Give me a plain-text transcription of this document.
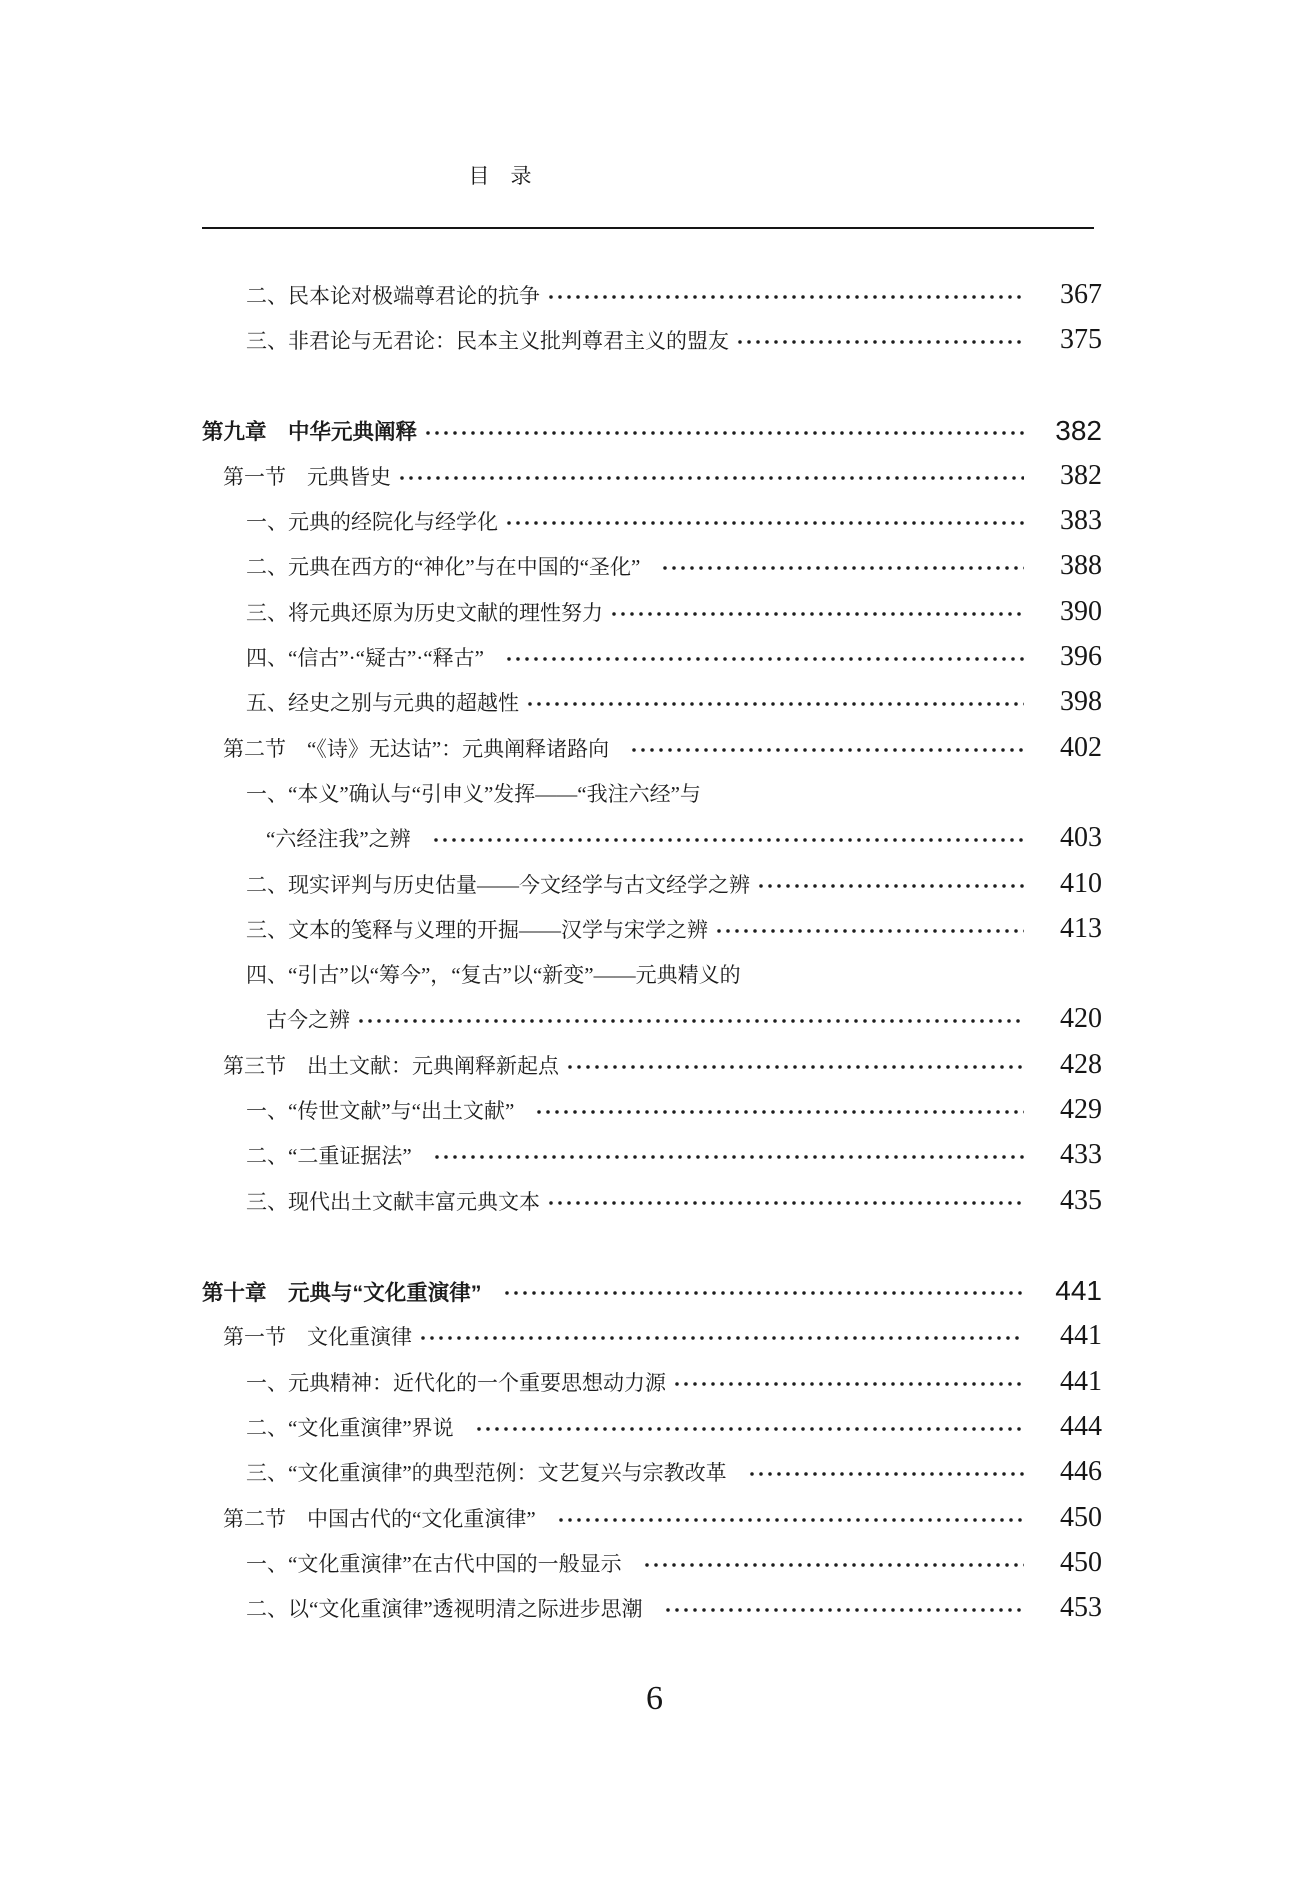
目　录
二、民本论对极端尊君论的抗争	367
三、非君论与无君论：民本主义批判尊君主义的盟友	375
第九章　中华元典阐释	382
第一节　元典皆史	382
一、元典的经院化与经学化	383
二、元典在西方的“神化”与在中国的“圣化”	388
三、将元典还原为历史文献的理性努力	390
四、“信古”·“疑古”·“释古”	396
五、经史之别与元典的超越性	398
第二节　“《诗》无达诂”：元典阐释诸路向	402
一、“本义”确认与“引申义”发挥——“我注六经”与
“六经注我”之辨	403
二、现实评判与历史估量——今文经学与古文经学之辨	410
三、文本的笺释与义理的开掘——汉学与宋学之辨	413
四、“引古”以“筹今”，“复古”以“新变”——元典精义的
古今之辨	420
第三节　出土文献：元典阐释新起点	428
一、“传世文献”与“出土文献”	429
二、“二重证据法”	433
三、现代出土文献丰富元典文本	435
第十章　元典与“文化重演律”	441
第一节　文化重演律	441
一、元典精神：近代化的一个重要思想动力源	441
二、“文化重演律”界说	444
三、“文化重演律”的典型范例：文艺复兴与宗教改革	446
第二节　中国古代的“文化重演律”	450
一、“文化重演律”在古代中国的一般显示	450
二、以“文化重演律”透视明清之际进步思潮	453
6
